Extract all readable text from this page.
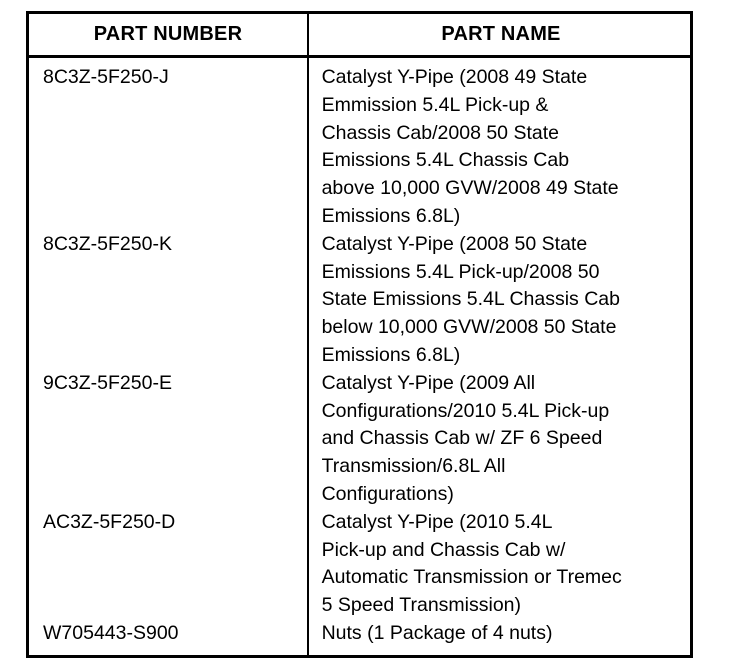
PART NUMBER	PART NAME
8C3Z-5F250-J	Catalyst Y-Pipe (2008 49 State
Emmission 5.4L Pick-up &
Chassis Cab/2008 50 State
Emissions 5.4L Chassis Cab
above 10,000 GVW/2008 49 State
Emissions 6.8L)
8C3Z-5F250-K	Catalyst Y-Pipe (2008 50 State
Emissions 5.4L Pick-up/2008 50
State Emissions 5.4L Chassis Cab
below 10,000 GVW/2008 50 State
Emissions 6.8L)
9C3Z-5F250-E	Catalyst Y-Pipe (2009 All
Configurations/2010 5.4L Pick-up
and Chassis Cab w/ ZF 6 Speed
Transmission/6.8L All
Configurations)
AC3Z-5F250-D	Catalyst Y-Pipe (2010 5.4L
Pick-up and Chassis Cab w/
Automatic Transmission or Tremec
5 Speed Transmission)
W705443-S900	Nuts (1 Package of 4 nuts)
